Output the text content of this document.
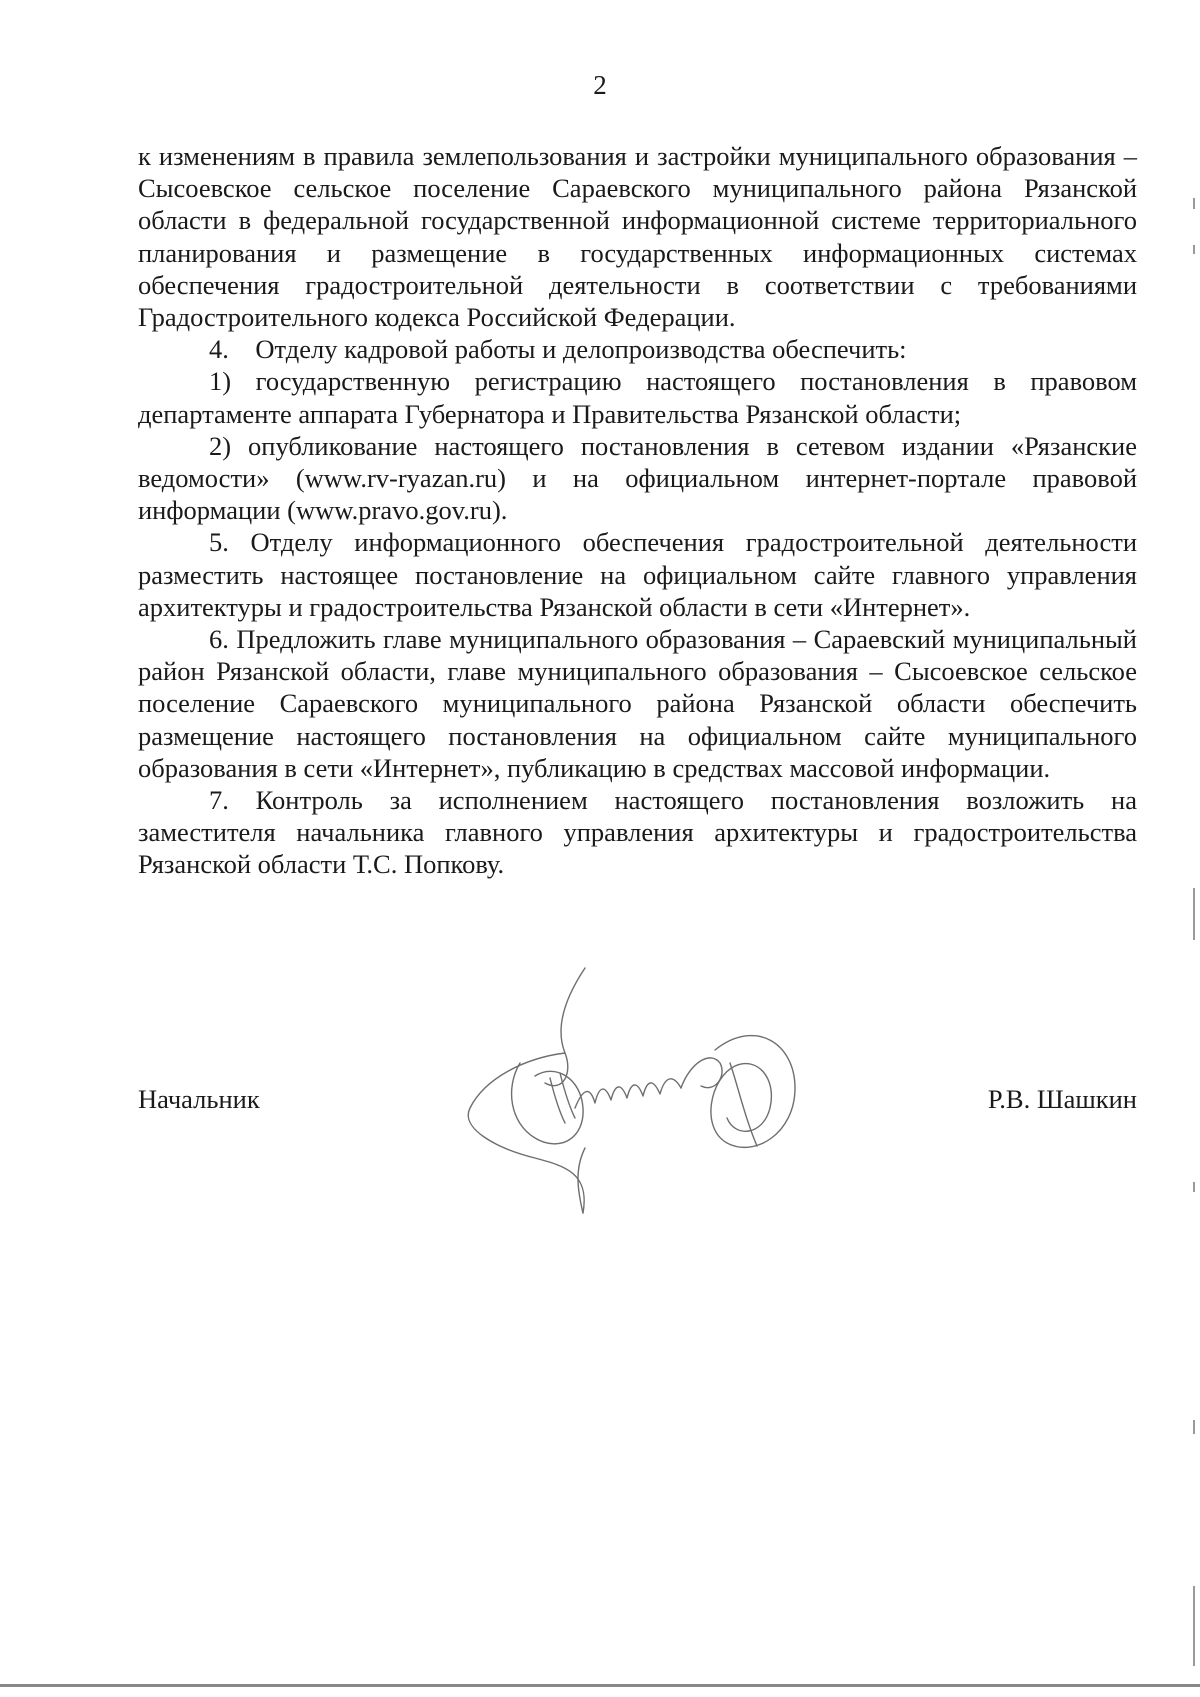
2

к изменениям в правила землепользования и застройки муниципального образования – Сысоевское сельское поселение Сараевского муниципального района Рязанской области в федеральной государственной информационной системе территориального планирования и размещение в государственных информационных системах обеспечения градостроительной деятельности в соответствии с требованиями Градостроительного кодекса Российской Федерации.

4. Отделу кадровой работы и делопроизводства обеспечить:

1) государственную регистрацию настоящего постановления в правовом департаменте аппарата Губернатора и Правительства Рязанской области;

2) опубликование настоящего постановления в сетевом издании «Рязанские ведомости» (www.rv-ryazan.ru) и на официальном интернет-портале правовой информации (www.pravo.gov.ru).

5. Отделу информационного обеспечения градостроительной деятельности разместить настоящее постановление на официальном сайте главного управления архитектуры и градостроительства Рязанской области в сети «Интернет».

6. Предложить главе муниципального образования – Сараевский муниципальный район Рязанской области, главе муниципального образования – Сысоевское сельское поселение Сараевского муниципального района Рязанской области обеспечить размещение настоящего постановления на официальном сайте муниципального образования в сети «Интернет», публикацию в средствах массовой информации.

7. Контроль за исполнением настоящего постановления возложить на заместителя начальника главного управления архитектуры и градостроительства Рязанской области Т.С. Попкову.

Начальник	Р.В. Шашкин
